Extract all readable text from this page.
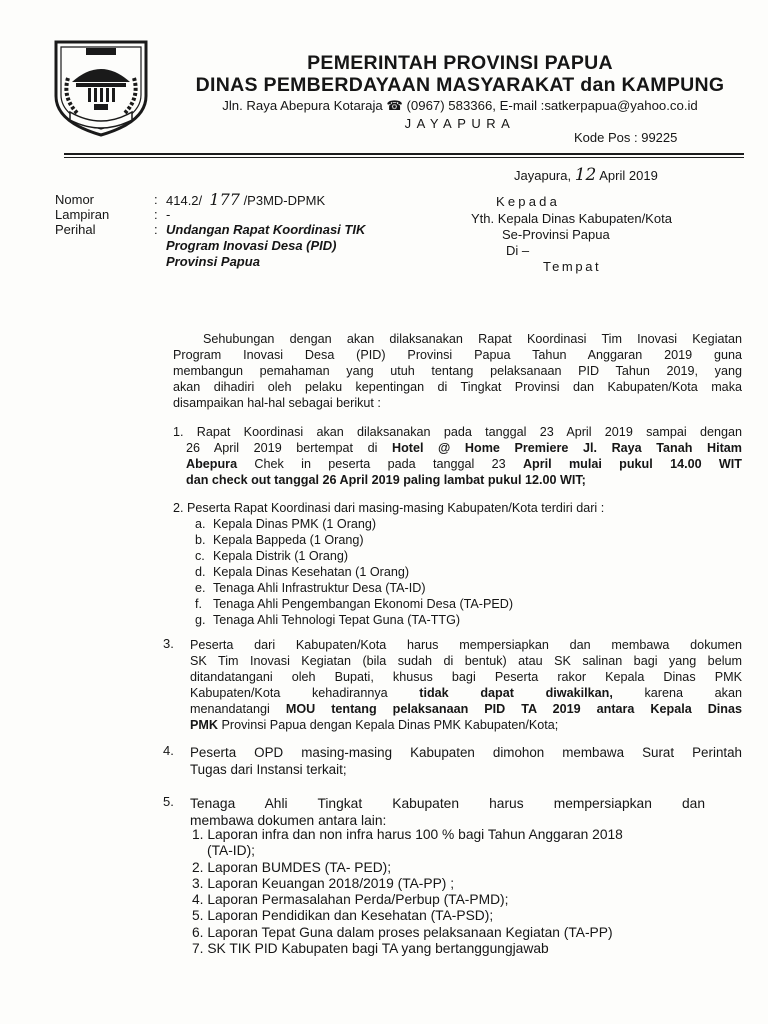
PEMERINTAH PROVINSI PAPUA
DINAS PEMBERDAYAAN MASYARAKAT dan KAMPUNG
Jln. Raya Abepura Kotaraja ☎ (0967) 583366, E-mail :satkerpapua@yahoo.co.id
JAYAPURA
Kode Pos : 99225
Jayapura, 12 April 2019
Nomor
Lampiran
Perihal
:
:
:
414.2/ 177 /P3MD-DPMK
-
Undangan Rapat Koordinasi TIK
Program Inovasi Desa (PID)
Provinsi Papua
Kepada
Yth. Kepala Dinas Kabupaten/Kota
Se-Provinsi Papua
Di –
Tempat
Sehubungan dengan akan dilaksanakan Rapat Koordinasi Tim Inovasi Kegiatan
Program Inovasi Desa (PID) Provinsi Papua Tahun Anggaran 2019 guna
membangun pemahaman yang utuh tentang pelaksanaan PID Tahun 2019, yang
akan dihadiri oleh pelaku kepentingan di Tingkat Provinsi dan Kabupaten/Kota maka
disampaikan hal-hal sebagai berikut :
1. Rapat Koordinasi akan dilaksanakan pada tanggal 23 April 2019 sampai dengan
26 April 2019 bertempat di Hotel @ Home Premiere Jl. Raya Tanah Hitam
Abepura Chek in peserta pada tanggal 23 April mulai pukul 14.00 WIT
dan check out tanggal 26 April 2019 paling lambat pukul 12.00 WIT;
2. Peserta Rapat Koordinasi dari masing-masing Kabupaten/Kota terdiri dari :
a. Kepala Dinas PMK (1 Orang)
b. Kepala Bappeda (1 Orang)
c. Kepala Distrik (1 Orang)
d. Kepala Dinas Kesehatan (1 Orang)
e. Tenaga Ahli Infrastruktur Desa (TA-ID)
f. Tenaga Ahli Pengembangan Ekonomi Desa (TA-PED)
g. Tenaga Ahli Tehnologi Tepat Guna (TA-TTG)
3. Peserta dari Kabupaten/Kota harus mempersiapkan dan membawa dokumen
SK Tim Inovasi Kegiatan (bila sudah di bentuk) atau SK salinan bagi yang belum
ditandatangani oleh Bupati, khusus bagi Peserta rakor Kepala Dinas PMK
Kabupaten/Kota kehadirannya tidak dapat diwakilkan, karena akan
menandatangi MOU tentang pelaksanaan PID TA 2019 antara Kepala Dinas
PMK Provinsi Papua dengan Kepala Dinas PMK Kabupaten/Kota;
4. Peserta OPD masing-masing Kabupaten dimohon membawa Surat Perintah
Tugas dari Instansi terkait;
5. Tenaga Ahli Tingkat Kabupaten harus mempersiapkan dan
membawa dokumen antara lain:
1. Laporan infra dan non infra harus 100 % bagi Tahun Anggaran 2018
(TA-ID);
2. Laporan BUMDES (TA- PED);
3. Laporan Keuangan 2018/2019 (TA-PP) ;
4. Laporan Permasalahan Perda/Perbup (TA-PMD);
5. Laporan Pendidikan dan Kesehatan (TA-PSD);
6. Laporan Tepat Guna dalam proses pelaksanaan Kegiatan (TA-PP)
7. SK TIK PID Kabupaten bagi TA yang bertanggungjawab
